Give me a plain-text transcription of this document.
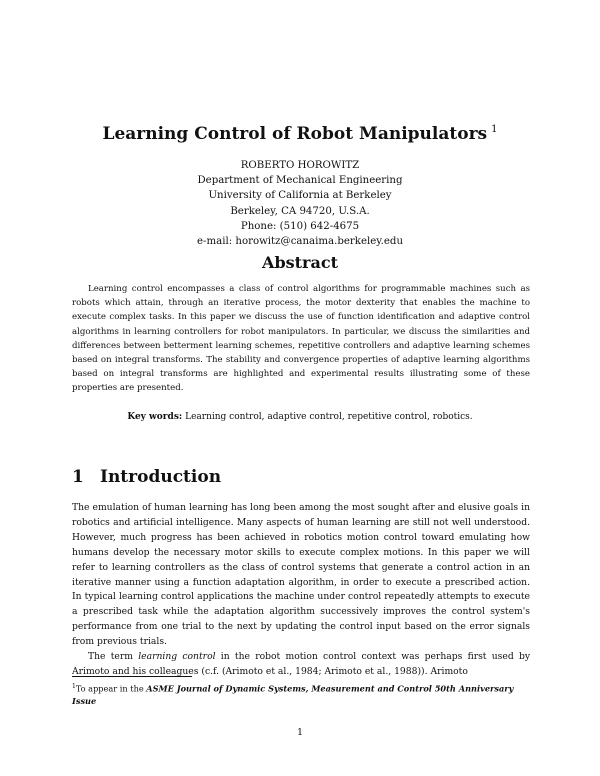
Learning Control of Robot Manipulators $^1$
ROBERTO HOROWITZ
Department of Mechanical Engineering
University of California at Berkeley
Berkeley, CA 94720, U.S.A.
Phone: (510) 642-4675
e-mail: horowitz@canaima.berkeley.edu
Abstract

Learning control encompasses a class of control algorithms for programmable machines such as robots which attain, through an iterative process, the motor dexterity that enables the machine to execute complex tasks. In this paper we discuss the use of function identification and adaptive control algorithms in learning controllers for robot manipulators. In particular, we discuss the similarities and differences between betterment learning schemes, repetitive controllers and adaptive learning schemes based on integral transforms. The stability and convergence properties of adaptive learning algorithms based on integral transforms are highlighted and experimental results illustrating some of these properties are presented.

Key words: Learning control, adaptive control, repetitive control, robotics.
1 Introduction

The emulation of human learning has long been among the most sought after and elusive goals in robotics and artificial intelligence. Many aspects of human learning are still not well understood. However, much progress has been achieved in robotics motion control toward emulating how humans develop the necessary motor skills to execute complex motions. In this paper we will refer to learning controllers as the class of control systems that generate a control action in an iterative manner using a function adaptation algorithm, in order to execute a prescribed action. In typical learning control applications the machine under control repeatedly attempts to execute a prescribed task while the adaptation algorithm successively improves the control system's performance from one trial to the next by updating the control input based on the error signals from previous trials.

The term learning control in the robot motion control context was perhaps first used by Arimoto and his colleagues (c.f. (Arimoto et al., 1984; Arimoto et al., 1988)). Arimoto

$^1$To appear in the ASME Journal of Dynamic Systems, Measurement and Control 50th Anniversary Issue
1
